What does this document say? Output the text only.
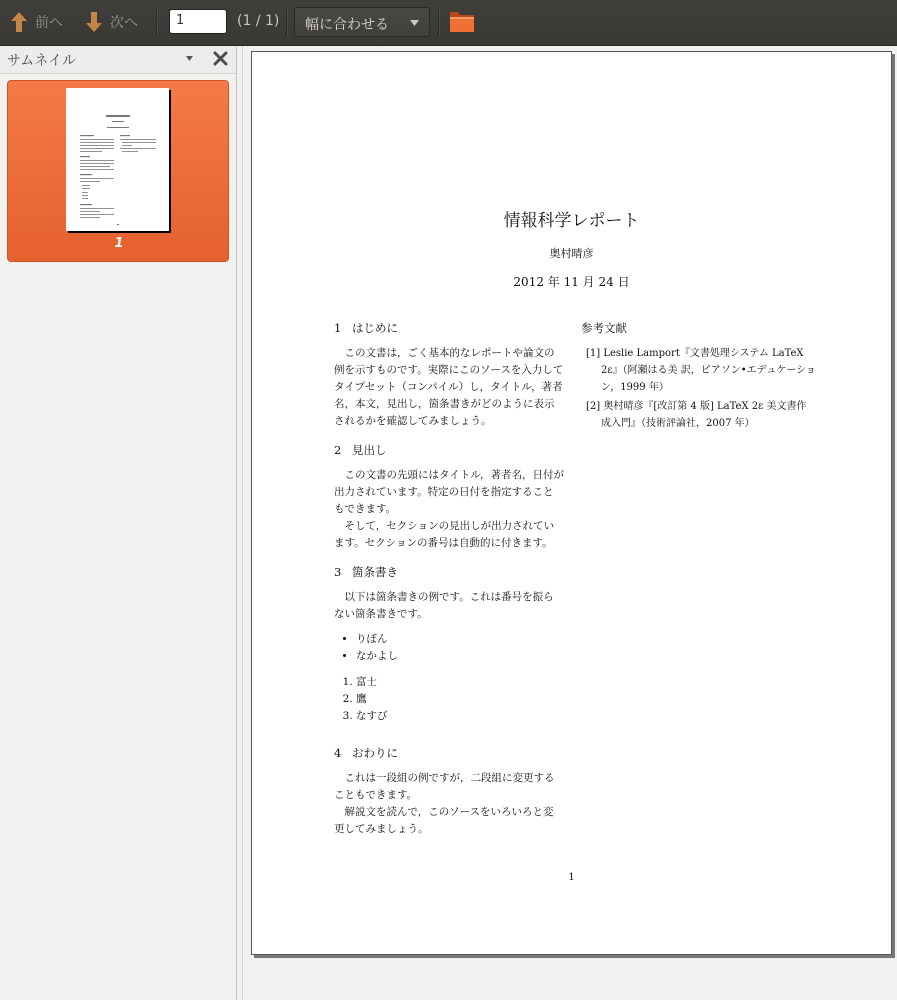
前へ	次へ	1	(1 / 1) 幅に合わせる
サムネイル
1
情報科学レポート
奥村晴彦
2012 年 11 月 24 日
1 はじめに

この文書は，ごく基本的なレポートや論文の例を示すものです。実際にこのソースを入力してタイプセット（コンパイル）し，タイトル，著者名，本文，見出し，箇条書きがどのように表示されるかを確認してみましょう。

2 見出し

この文書の先頭にはタイトル，著者名，日付が出力されています。特定の日付を指定することもできます。

そして，セクションの見出しが出力されています。セクションの番号は自動的に付きます。

3 箇条書き

以下は箇条書きの例です。これは番号を振らない箇条書きです。

• りぼん
• なかよし
1. 富士
2. 鷹
3. なすび
4 おわりに

これは一段組の例ですが，二段組に変更することもできます。

解説文を読んで，このソースをいろいろと変更してみましょう。

参考文献

[1] Leslie Lamport『文書処理システム LaTeX 2ε』（阿瀬はる美 訳，ピアソン•エデュケーション，1999 年）

[2] 奥村晴彦『[改訂第 4 版] LaTeX 2ε 美文書作成入門』（技術評論社，2007 年）

1
